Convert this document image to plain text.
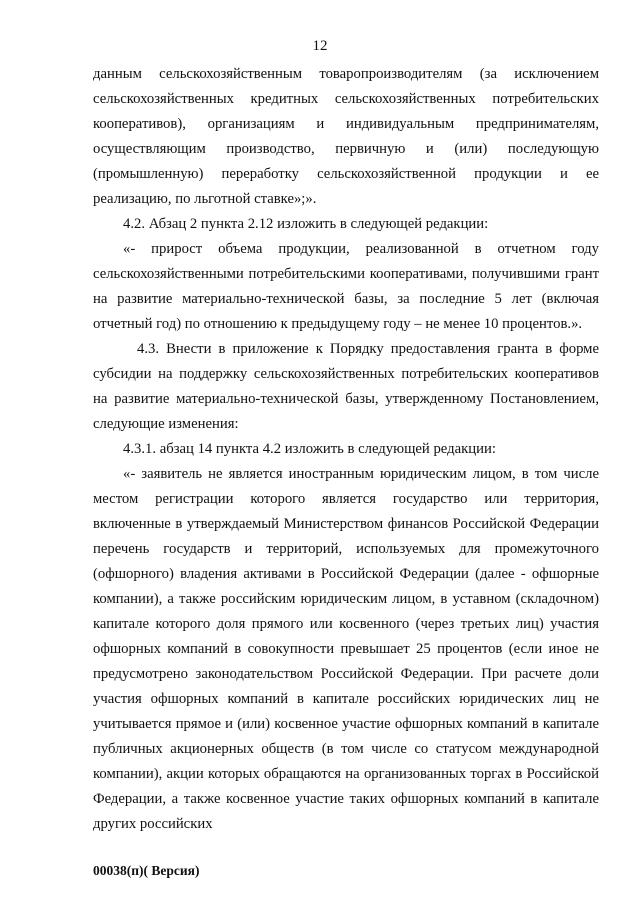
12

данным сельскохозяйственным товаропроизводителям (за исключением сельскохозяйственных кредитных сельскохозяйственных потребительских кооперативов), организациям и индивидуальным предпринимателям, осуществляющим производство, первичную и (или) последующую (промышленную) переработку сельскохозяйственной продукции и ее реализацию, по льготной ставке»;».

4.2. Абзац 2 пункта 2.12 изложить в следующей редакции:

«- прирост объема продукции, реализованной в отчетном году сельскохозяйственными потребительскими кооперативами, получившими грант на развитие материально-технической базы, за последние 5 лет (включая отчетный год) по отношению к предыдущему году – не менее 10 процентов.».

4.3. Внести в приложение к Порядку предоставления гранта в форме субсидии на поддержку сельскохозяйственных потребительских кооперативов на развитие материально-технической базы, утвержденному Постановлением, следующие изменения:

4.3.1. абзац 14 пункта 4.2 изложить в следующей редакции:

«- заявитель не является иностранным юридическим лицом, в том числе местом регистрации которого является государство или территория, включенные в утверждаемый Министерством финансов Российской Федерации перечень государств и территорий, используемых для промежуточного (офшорного) владения активами в Российской Федерации (далее - офшорные компании), а также российским юридическим лицом, в уставном (складочном) капитале которого доля прямого или косвенного (через третьих лиц) участия офшорных компаний в совокупности превышает 25 процентов (если иное не предусмотрено законодательством Российской Федерации. При расчете доли участия офшорных компаний в капитале российских юридических лиц не учитывается прямое и (или) косвенное участие офшорных компаний в капитале публичных акционерных обществ (в том числе со статусом международной компании), акции которых обращаются на организованных торгах в Российской Федерации, а также косвенное участие таких офшорных компаний в капитале других российских

00038(п)( Версия)
